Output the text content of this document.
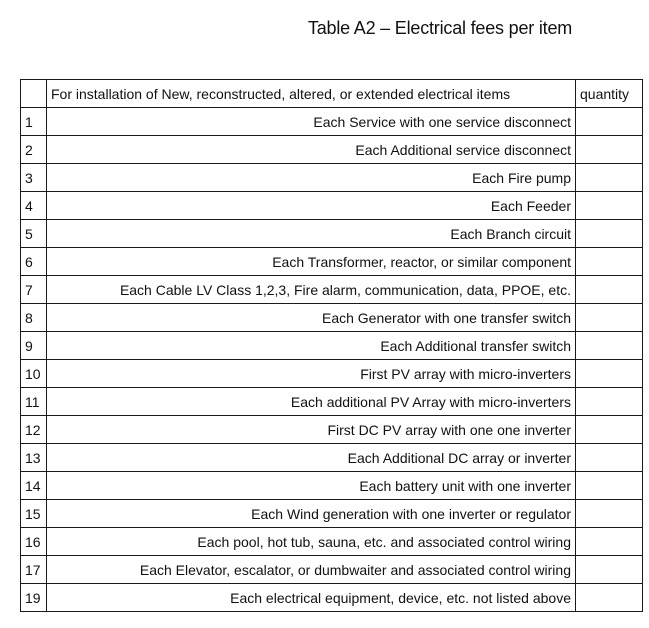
Table A2 – Electrical fees per item
	For installation of New, reconstructed, altered, or extended electrical items	quantity
1	Each Service with one service disconnect	
2	Each Additional service disconnect	
3	Each Fire pump	
4	Each Feeder	
5	Each Branch circuit	
6	Each Transformer, reactor, or similar component	
7	Each Cable LV Class 1,2,3, Fire alarm, communication, data, PPOE, etc.	
8	Each Generator with one transfer switch	
9	Each Additional transfer switch	
10	First PV array with micro-inverters	
11	Each additional PV Array with micro-inverters	
12	First DC PV array with one one inverter	
13	Each Additional DC array or inverter	
14	Each battery unit with one inverter	
15	Each Wind generation with one inverter or regulator	
16	Each pool, hot tub, sauna, etc. and associated control wiring	
17	Each Elevator, escalator, or dumbwaiter and associated control wiring	
19	Each electrical equipment, device, etc. not listed above	
